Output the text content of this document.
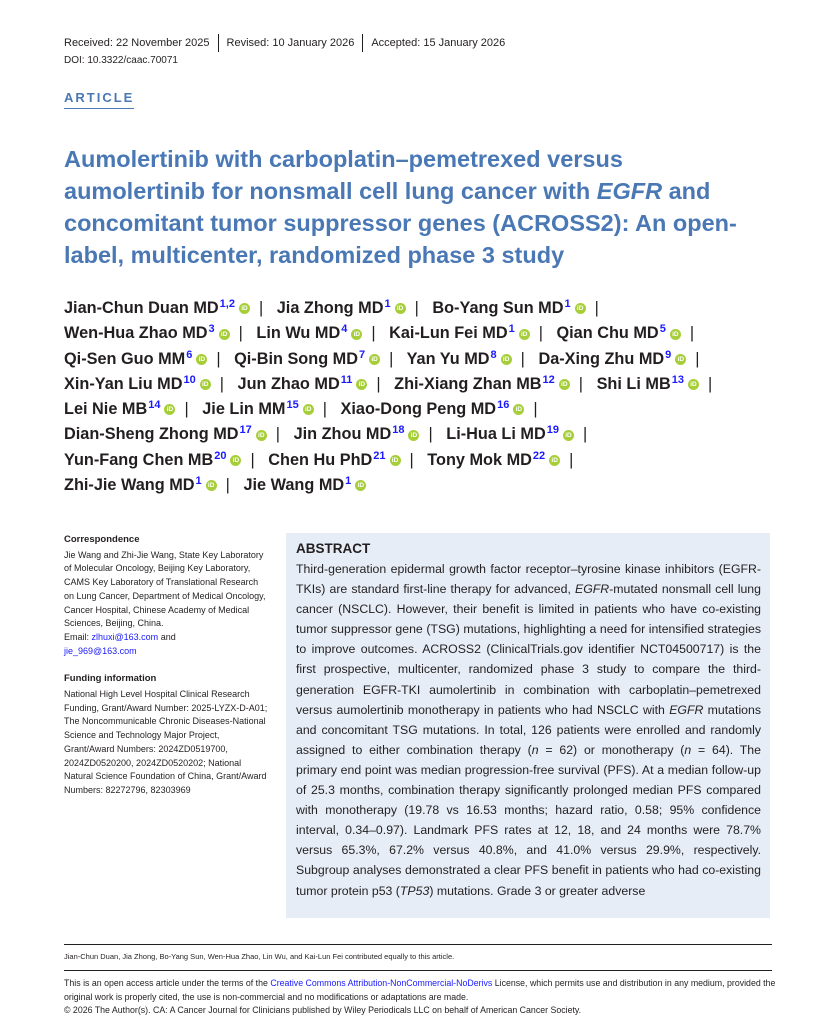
Received: 22 November 2025 Revised: 10 January 2026 Accepted: 15 January 2026
DOI: 10.3322/caac.70071
ARTICLE
Aumolertinib with carboplatin–pemetrexed versus aumolertinib for nonsmall cell lung cancer with EGFR and concomitant tumor suppressor genes (ACROSS2): An open-label, multicenter, randomized phase 3 study
Jian-Chun Duan MD$^{1,2}$ iD | Jia Zhong $MD^1$ iD | Bo-Yang Sun $MD^1$ iD |
Wen-Hua Zhao $MD^3$ iD | Lin Wu $MD^4$ iD | Kai-Lun Fei $MD^1$ iD | Qian Chu $MD^5$ iD |
Qi-Sen Guo $MM^6$ iD | Qi-Bin Song $MD^7$ iD | Yan Yu $MD^8$ iD | Da-Xing Zhu $MD^9$ iD |
Xin-Yan Liu MD$^{10}$ iD | Jun Zhao MD$^{11}$ iD | Zhi-Xiang Zhan MB$^{12}$ iD | Shi Li MB$^{13}$ iD |
Lei Nie MB$^{14}$ iD | Jie Lin MM$^{15}$ iD | Xiao-Dong Peng MD$^{16}$ iD |
Dian-Sheng Zhong MD$^{17}$ iD | Jin Zhou MD$^{18}$ iD | Li-Hua Li MD$^{19}$ iD |
Yun-Fang Chen MB$^{20}$ iD | Chen Hu PhD$^{21}$ iD | Tony Mok MD$^{22}$ iD |
Zhi-Jie Wang $MD^1$ iD | Jie Wang $MD^1$ iD
Correspondence
Jie Wang and Zhi-Jie Wang, State Key Laboratory of Molecular Oncology, Beijing Key Laboratory, CAMS Key Laboratory of Translational Research on Lung Cancer, Department of Medical Oncology, Cancer Hospital, Chinese Academy of Medical Sciences, Beijing, China.
Email: zlhuxi@163.com and
jie_969@163.com
Funding information
National High Level Hospital Clinical Research Funding, Grant/Award Number: 2025-LYZX-D-A01; The Noncommunicable Chronic Diseases-National Science and Technology Major Project, Grant/Award Numbers: 2024ZD0519700, 2024ZD0520200, 2024ZD0520202; National Natural Science Foundation of China, Grant/Award Numbers: 82272796, 82303969
ABSTRACT
Third-generation epidermal growth factor receptor–tyrosine kinase inhibitors (EGFR-TKIs) are standard first-line therapy for advanced, EGFR-mutated nonsmall cell lung cancer (NSCLC). However, their benefit is limited in patients who have co-existing tumor suppressor gene (TSG) mutations, highlighting a need for intensified strategies to improve outcomes. ACROSS2 (ClinicalTrials.gov identifier NCT04500717) is the first prospective, multicenter, randomized phase 3 study to compare the third-generation EGFR-TKI aumolertinib in combination with carboplatin–pemetrexed versus aumolertinib monotherapy in patients who had NSCLC with EGFR mutations and concomitant TSG mutations. In total, 126 patients were enrolled and randomly assigned to either combination therapy (n = 62) or monotherapy (n = 64). The primary end point was median progression-free survival (PFS). At a median follow-up of 25.3 months, combination therapy significantly prolonged median PFS compared with monotherapy (19.78 vs 16.53 months; hazard ratio, 0.58; 95% confidence interval, 0.34–0.97). Landmark PFS rates at 12, 18, and 24 months were 78.7% versus 65.3%, 67.2% versus 40.8%, and 41.0% versus 29.9%, respectively. Subgroup analyses demonstrated a clear PFS benefit in patients who had co-existing tumor protein p53 (TP53) mutations. Grade 3 or greater adverse
Jian-Chun Duan, Jia Zhong, Bo-Yang Sun, Wen-Hua Zhao, Lin Wu, and Kai-Lun Fei contributed equally to this article.
This is an open access article under the terms of the Creative Commons Attribution-NonCommercial-NoDerivs License, which permits use and distribution in any medium, provided the original work is properly cited, the use is non-commercial and no modifications or adaptations are made.
© 2026 The Author(s). CA: A Cancer Journal for Clinicians published by Wiley Periodicals LLC on behalf of American Cancer Society.
